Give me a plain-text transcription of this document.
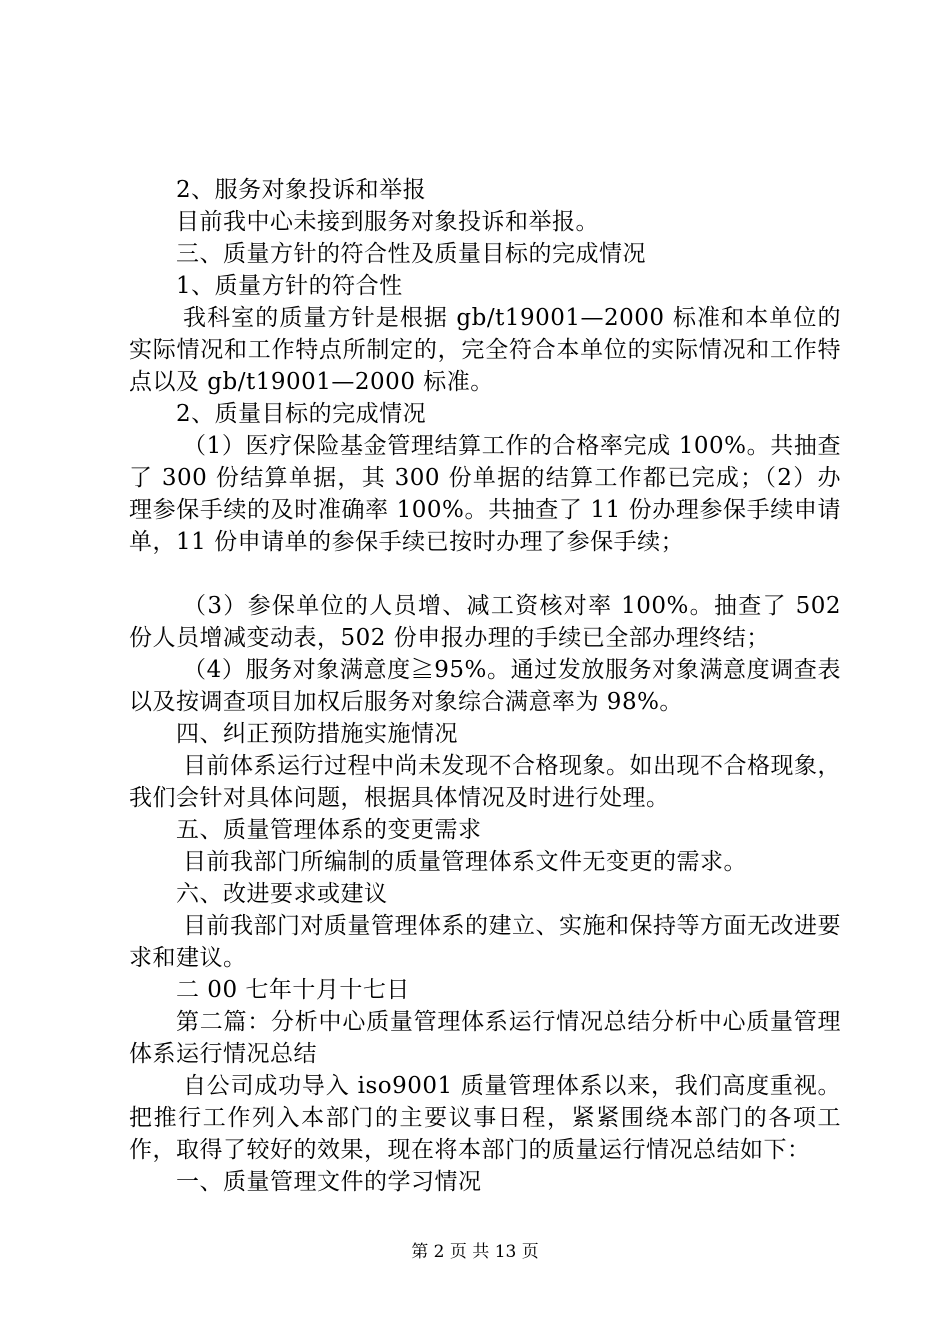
2、服务对象投诉和举报

目前我中心未接到服务对象投诉和举报。

三、质量方针的符合性及质量目标的完成情况

1、质量方针的符合性

我科室的质量方针是根据 gb/t19001—2000 标准和本单位的实际情况和工作特点所制定的，完全符合本单位的实际情况和工作特点以及 gb/t19001—2000 标准。

2、质量目标的完成情况

（1）医疗保险基金管理结算工作的合格率完成 100%。共抽查了 300 份结算单据，其 300 份单据的结算工作都已完成；（2）办理参保手续的及时准确率 100%。共抽查了 11 份办理参保手续申请单，11 份申请单的参保手续已按时办理了参保手续；

（3）参保单位的人员增、减工资核对率 100%。抽查了 502 份人员增减变动表，502 份申报办理的手续已全部办理终结；

（4）服务对象满意度≧95%。通过发放服务对象满意度调查表以及按调查项目加权后服务对象综合满意率为 98%。

四、纠正预防措施实施情况

目前体系运行过程中尚未发现不合格现象。如出现不合格现象，我们会针对具体问题，根据具体情况及时进行处理。

五、质量管理体系的变更需求

目前我部门所编制的质量管理体系文件无变更的需求。

六、改进要求或建议

目前我部门对质量管理体系的建立、实施和保持等方面无改进要求和建议。

二 00 七年十月十七日

第二篇：分析中心质量管理体系运行情况总结分析中心质量管理体系运行情况总结

自公司成功导入 iso9001 质量管理体系以来，我们高度重视。把推行工作列入本部门的主要议事日程，紧紧围绕本部门的各项工作，取得了较好的效果，现在将本部门的质量运行情况总结如下：

一、质量管理文件的学习情况

第 2 页 共 13 页
